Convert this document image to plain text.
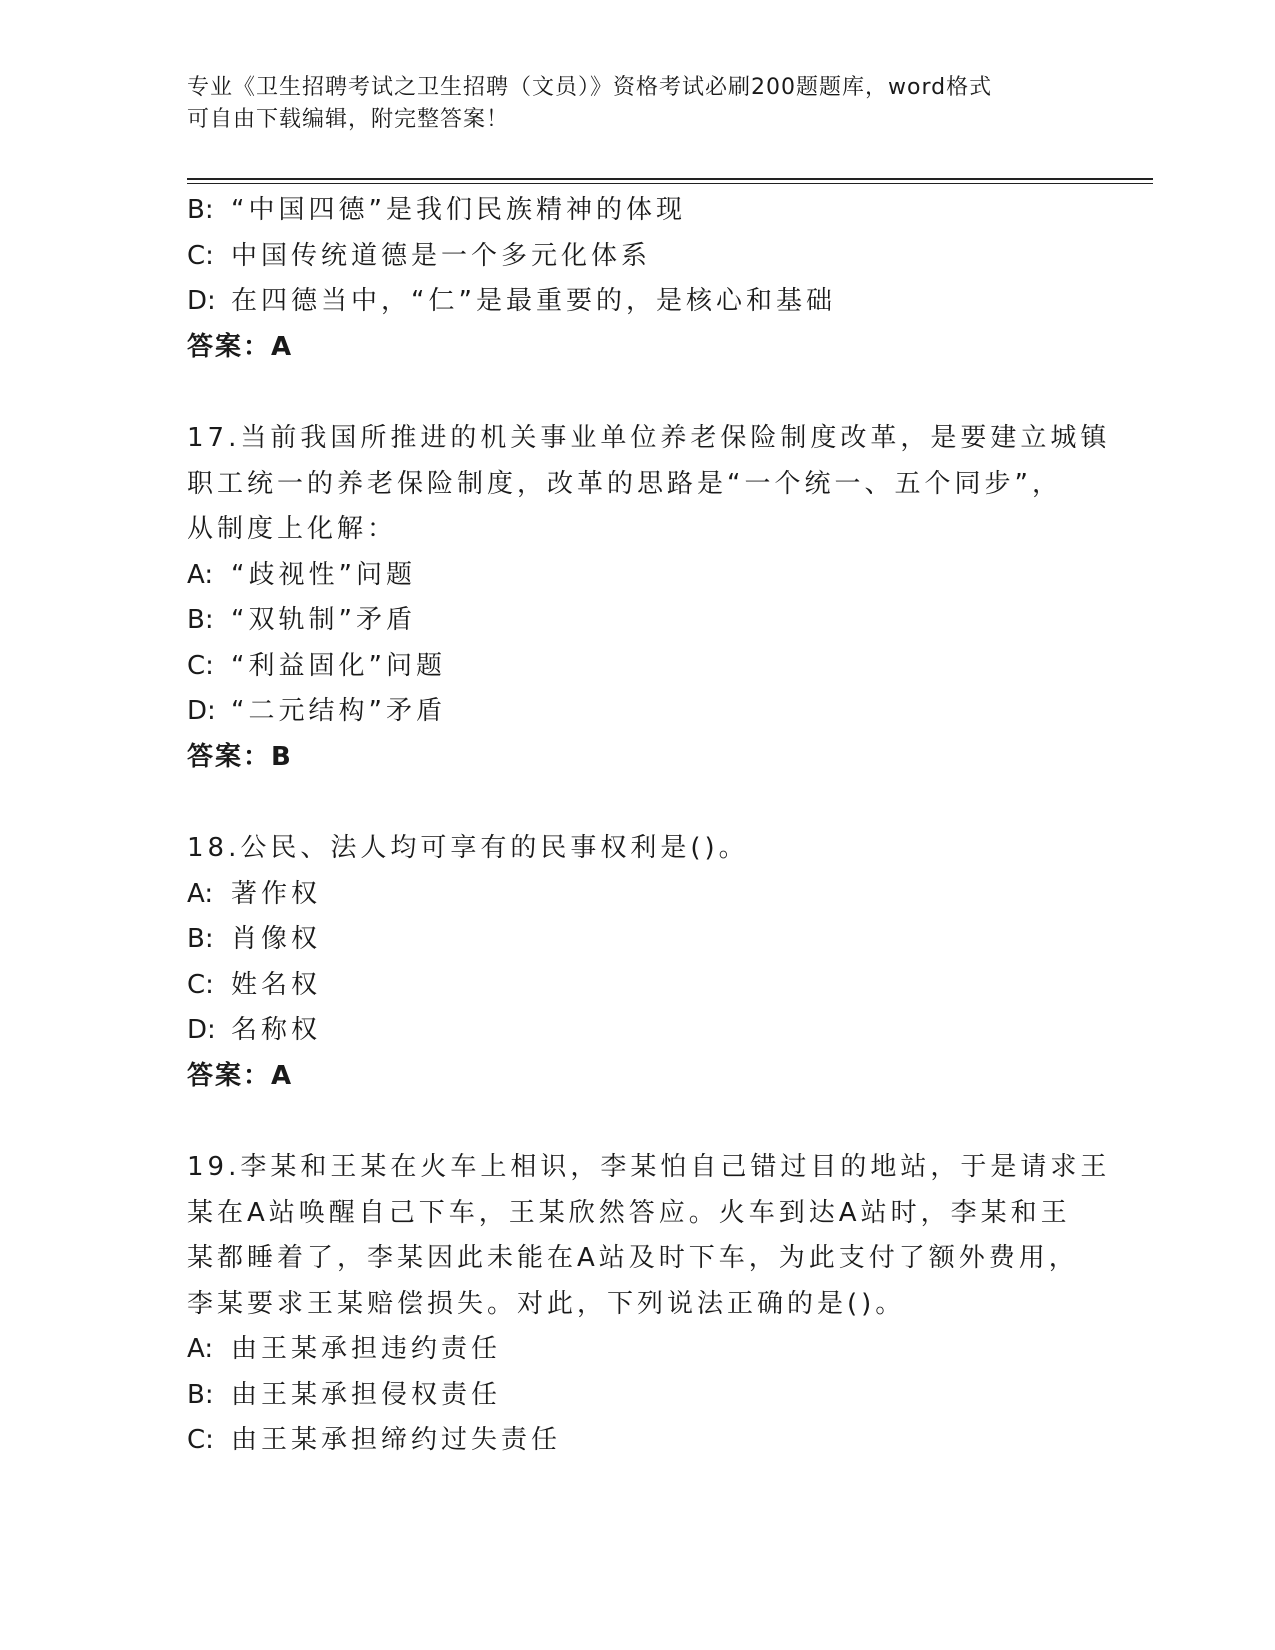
专业《卫生招聘考试之卫生招聘（文员）》资格考试必刷200题题库，word格式
可自由下载编辑，附完整答案！
B: “中国四德”是我们民族精神的体现
C: 中国传统道德是一个多元化体系
D: 在四德当中，“仁”是最重要的，是核心和基础
答案：A
17.当前我国所推进的机关事业单位养老保险制度改革，是要建立城镇
职工统一的养老保险制度，改革的思路是“一个统一、五个同步”，
从制度上化解：
A: “歧视性”问题
B: “双轨制”矛盾
C: “利益固化”问题
D: “二元结构”矛盾
答案：B
18.公民、法人均可享有的民事权利是()。
A: 著作权
B: 肖像权
C: 姓名权
D: 名称权
答案：A
19.李某和王某在火车上相识，李某怕自己错过目的地站，于是请求王
某在A站唤醒自己下车，王某欣然答应。火车到达A站时，李某和王
某都睡着了，李某因此未能在A站及时下车，为此支付了额外费用，
李某要求王某赔偿损失。对此，下列说法正确的是()。
A: 由王某承担违约责任
B: 由王某承担侵权责任
C: 由王某承担缔约过失责任
